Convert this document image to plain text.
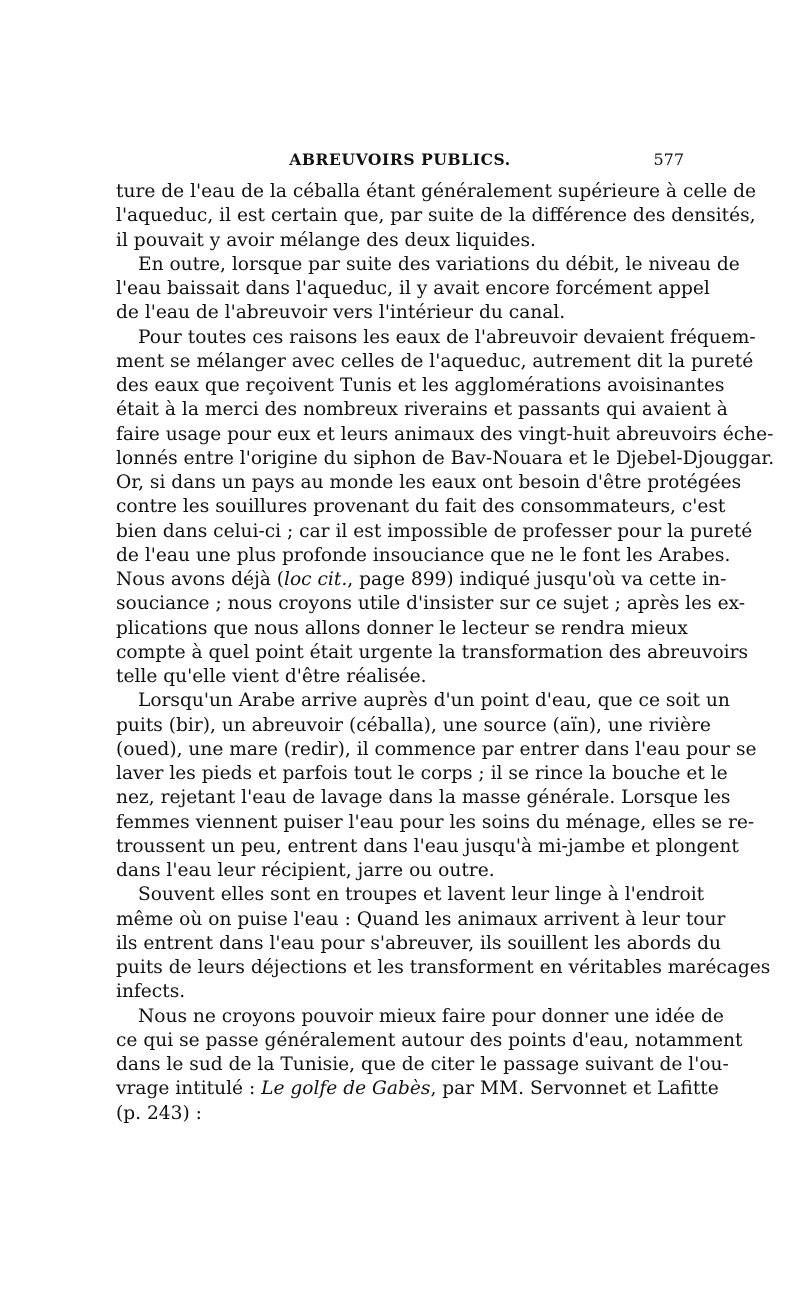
ABREUVOIRS PUBLICS.	577
ture de l'eau de la céballa étant généralement supérieure à celle de
l'aqueduc, il est certain que, par suite de la différence des densités,
il pouvait y avoir mélange des deux liquides.
En outre, lorsque par suite des variations du débit, le niveau de
l'eau baissait dans l'aqueduc, il y avait encore forcément appel
de l'eau de l'abreuvoir vers l'intérieur du canal.
Pour toutes ces raisons les eaux de l'abreuvoir devaient fréquem-
ment se mélanger avec celles de l'aqueduc, autrement dit la pureté
des eaux que reçoivent Tunis et les agglomérations avoisinantes
était à la merci des nombreux riverains et passants qui avaient à
faire usage pour eux et leurs animaux des vingt-huit abreuvoirs éche-
lonnés entre l'origine du siphon de Bav-Nouara et le Djebel-Djouggar.
Or, si dans un pays au monde les eaux ont besoin d'être protégées
contre les souillures provenant du fait des consommateurs, c'est
bien dans celui-ci ; car il est impossible de professer pour la pureté
de l'eau une plus profonde insouciance que ne le font les Arabes.
Nous avons déjà (loc cit., page 899) indiqué jusqu'où va cette in-
souciance ; nous croyons utile d'insister sur ce sujet ; après les ex-
plications que nous allons donner le lecteur se rendra mieux
compte à quel point était urgente la transformation des abreuvoirs
telle qu'elle vient d'être réalisée.
Lorsqu'un Arabe arrive auprès d'un point d'eau, que ce soit un
puits (bir), un abreuvoir (céballa), une source (aïn), une rivière
(oued), une mare (redir), il commence par entrer dans l'eau pour se
laver les pieds et parfois tout le corps ; il se rince la bouche et le
nez, rejetant l'eau de lavage dans la masse générale. Lorsque les
femmes viennent puiser l'eau pour les soins du ménage, elles se re-
troussent un peu, entrent dans l'eau jusqu'à mi-jambe et plongent
dans l'eau leur récipient, jarre ou outre.
Souvent elles sont en troupes et lavent leur linge à l'endroit
même où on puise l'eau : Quand les animaux arrivent à leur tour
ils entrent dans l'eau pour s'abreuver, ils souillent les abords du
puits de leurs déjections et les transforment en véritables marécages
infects.
Nous ne croyons pouvoir mieux faire pour donner une idée de
ce qui se passe généralement autour des points d'eau, notamment
dans le sud de la Tunisie, que de citer le passage suivant de l'ou-
vrage intitulé : Le golfe de Gabès, par MM. Servonnet et Lafitte
(p. 243) :
